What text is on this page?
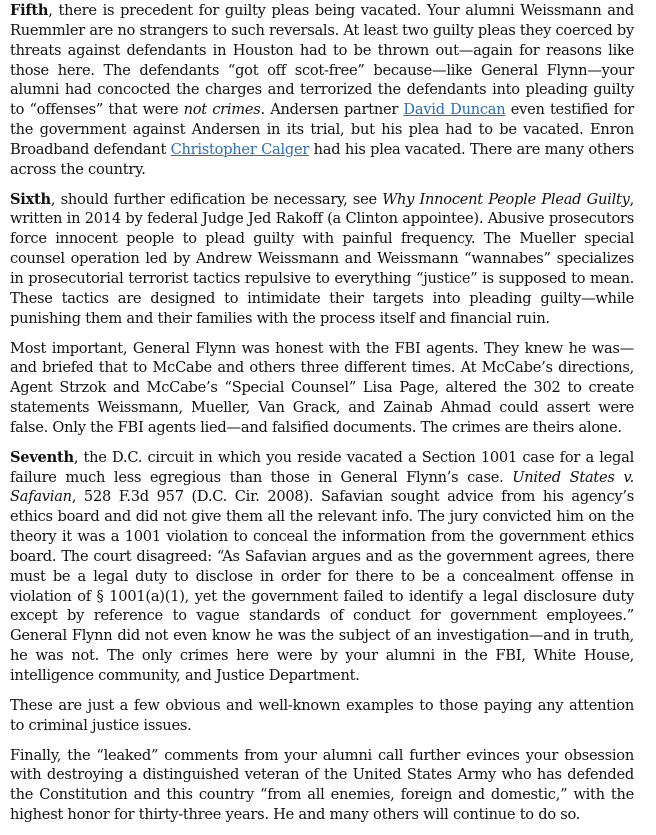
Fifth, there is precedent for guilty pleas being vacated. Your alumni Weissmann and Ruemmler are no strangers to such reversals. At least two guilty pleas they coerced by threats against defendants in Houston had to be thrown out—again for reasons like those here. The defendants “got off scot-free” because—like General Flynn—your alumni had concocted the charges and terrorized the defendants into pleading guilty to “offenses” that were not crimes. Andersen partner David Duncan even testified for the government against Andersen in its trial, but his plea had to be vacated. Enron Broadband defendant Christopher Calger had his plea vacated. There are many others across the country.

Sixth, should further edification be necessary, see Why Innocent People Plead Guilty, written in 2014 by federal Judge Jed Rakoff (a Clinton appointee). Abusive prosecutors force innocent people to plead guilty with painful frequency. The Mueller special counsel operation led by Andrew Weissmann and Weissmann “wannabes” specializes in prosecutorial terrorist tactics repulsive to everything “justice” is supposed to mean. These tactics are designed to intimidate their targets into pleading guilty—while punishing them and their families with the process itself and financial ruin.

Most important, General Flynn was honest with the FBI agents. They knew he was—and briefed that to McCabe and others three different times. At McCabe’s directions, Agent Strzok and McCabe’s “Special Counsel” Lisa Page, altered the 302 to create statements Weissmann, Mueller, Van Grack, and Zainab Ahmad could assert were false. Only the FBI agents lied—and falsified documents. The crimes are theirs alone.

Seventh, the D.C. circuit in which you reside vacated a Section 1001 case for a legal failure much less egregious than those in General Flynn’s case. United States v. Safavian, 528 F.3d 957 (D.C. Cir. 2008). Safavian sought advice from his agency’s ethics board and did not give them all the relevant info. The jury convicted him on the theory it was a 1001 violation to conceal the information from the government ethics board. The court disagreed: “As Safavian argues and as the government agrees, there must be a legal duty to disclose in order for there to be a concealment offense in violation of § 1001(a)(1), yet the government failed to identify a legal disclosure duty except by reference to vague standards of conduct for government employees.” General Flynn did not even know he was the subject of an investigation—and in truth, he was not. The only crimes here were by your alumni in the FBI, White House, intelligence community, and Justice Department.

These are just a few obvious and well-known examples to those paying any attention to criminal justice issues.

Finally, the “leaked” comments from your alumni call further evinces your obsession with destroying a distinguished veteran of the United States Army who has defended the Constitution and this country “from all enemies, foreign and domestic,” with the highest honor for thirty-three years. He and many others will continue to do so.
